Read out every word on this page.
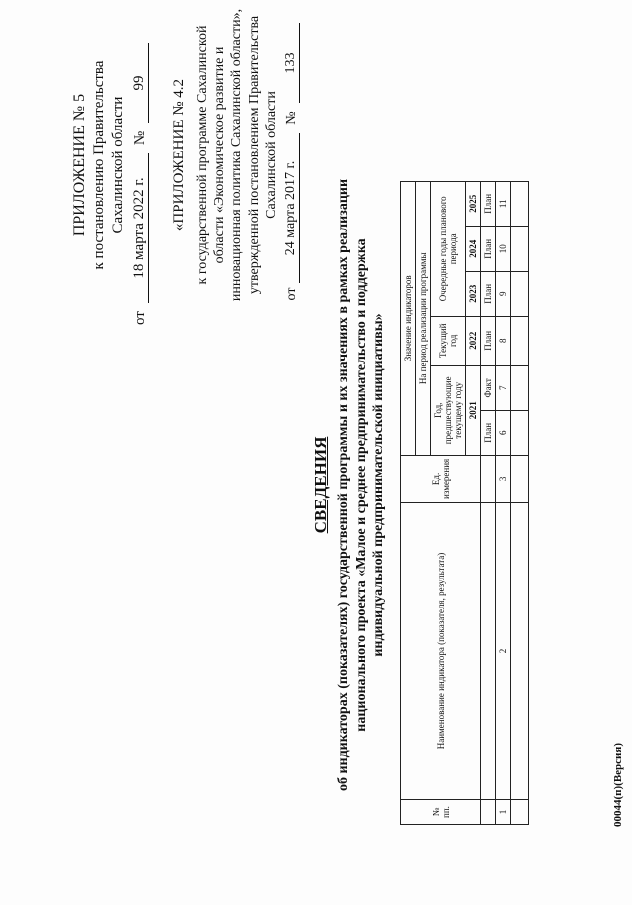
ПРИЛОЖЕНИЕ № 5 к постановлению Правительства Сахалинской области
от
18 марта 2022 г.
№
99 «ПРИЛОЖЕНИЕ № 4.2 к государственной программе Сахалинской области «Экономическое развитие и инновационная политика Сахалинской области», утвержденной постановлением Правительства Сахалинской области
от
24 марта 2017 г.
№
133
СВЕДЕНИЯ об индикаторах (показателях) государственной программы и их значениях в рамках реализации национального проекта «Малое и среднее предпринимательство и поддержка индивидуальной предпринимательской инициативы»
№ пп.	Наименование индикатора (показателя, результата)	Ед. измерения	Значение индикаторов					
			На период реализации программы					
			Год, предшествующие текущему году		Текущий год	Очередные годы планового периода		
			2021		2022	2023	2024	2025
			План	Факт	План	План	План	План
1	2	3	6	7	8	9	10	11

00044(п)(Версия)
